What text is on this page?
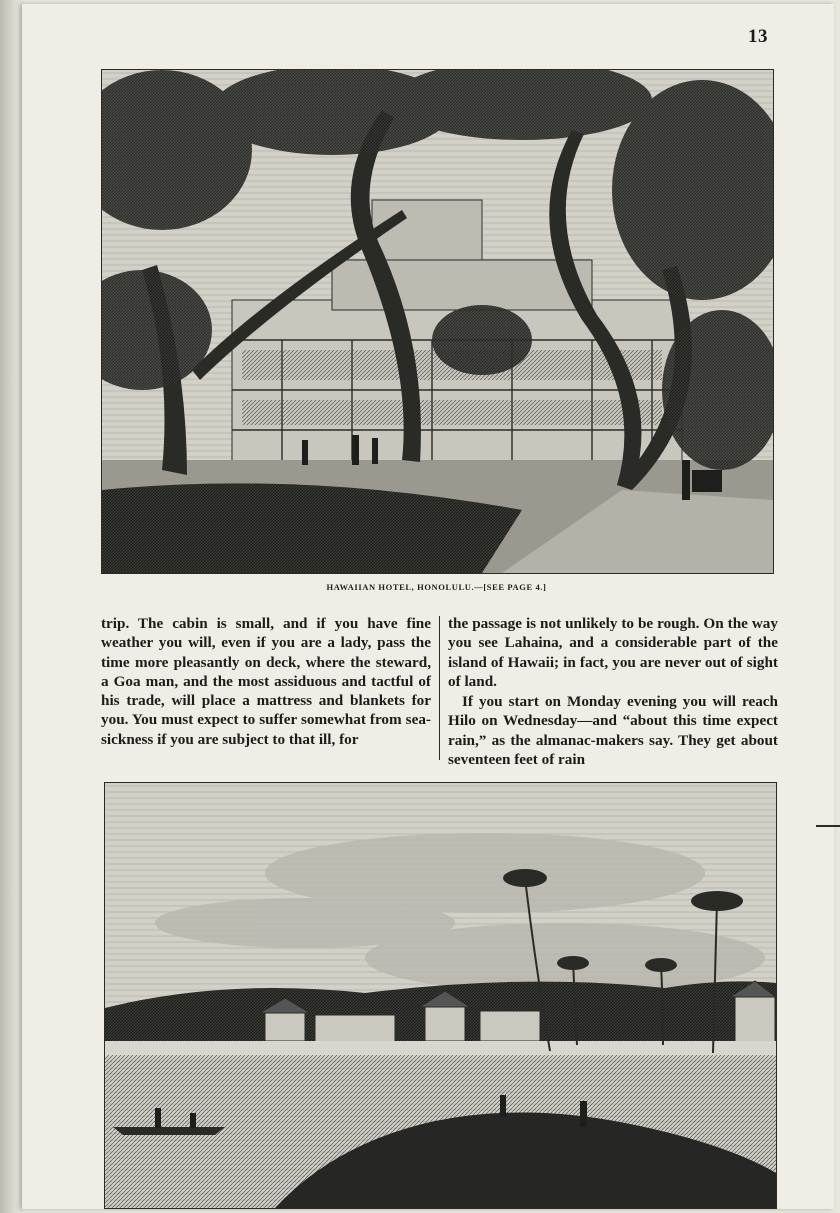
13
HAWAIIAN HOTEL, HONOLULU.—[SEE PAGE 4.]

trip. The cabin is small, and if you have fine weather you will, even if you are a lady, pass the time more pleasantly on deck, where the steward, a Goa man, and the most assiduous and tactful of his trade, will place a mattress and blankets for you. You must expect to suffer somewhat from sea-sickness if you are subject to that ill, for

the passage is not unlikely to be rough. On the way you see Lahaina, and a considerable part of the island of Hawaii; in fact, you are never out of sight of land.

If you start on Monday evening you will reach Hilo on Wednesday—and “about this time expect rain,” as the almanac-makers say. They get about seventeen feet of rain
